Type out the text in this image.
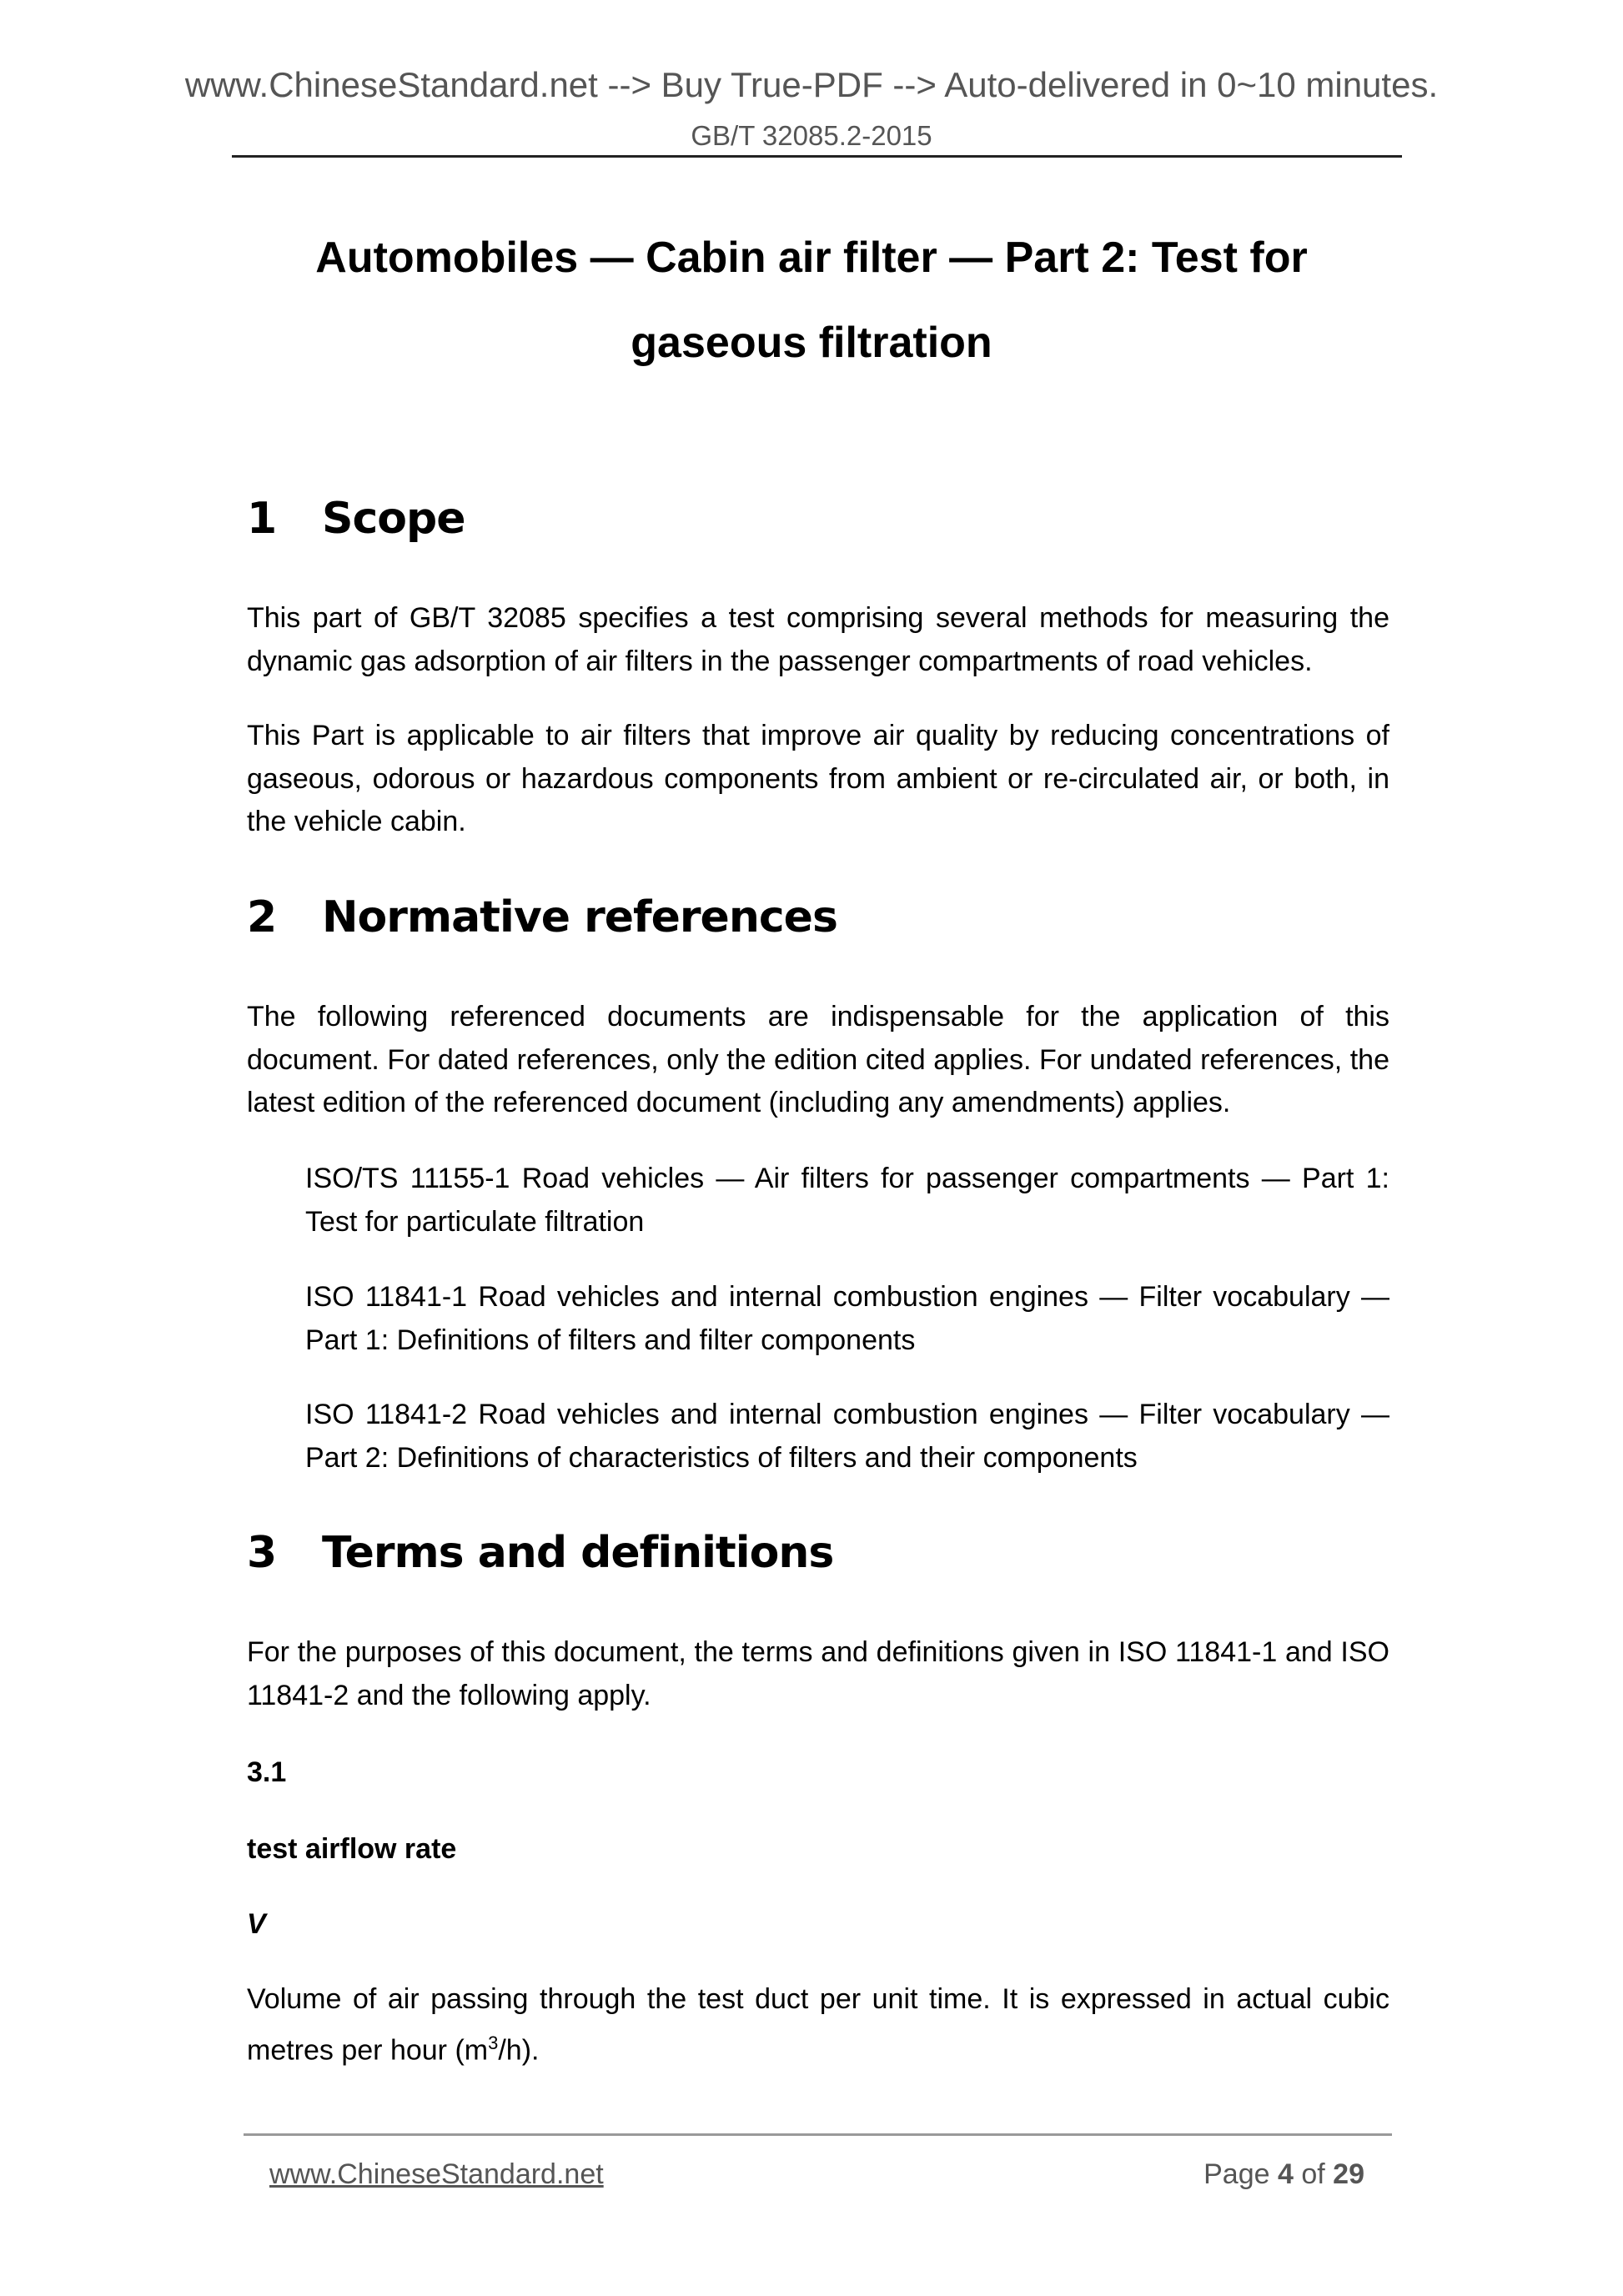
www.ChineseStandard.net --> Buy True-PDF --> Auto-delivered in 0~10 minutes.
GB/T 32085.2-2015
Automobiles — Cabin air filter — Part 2: Test for
gaseous filtration
1 Scope
This part of GB/T 32085 specifies a test comprising several methods for measuring the dynamic gas adsorption of air filters in the passenger compartments of road vehicles.
This Part is applicable to air filters that improve air quality by reducing concentrations of gaseous, odorous or hazardous components from ambient or re-circulated air, or both, in the vehicle cabin.
2 Normative references
The following referenced documents are indispensable for the application of this document. For dated references, only the edition cited applies. For undated references, the latest edition of the referenced document (including any amendments) applies.
ISO/TS 11155-1 Road vehicles — Air filters for passenger compartments — Part 1: Test for particulate filtration
ISO 11841-1 Road vehicles and internal combustion engines — Filter vocabulary — Part 1: Definitions of filters and filter components
ISO 11841-2 Road vehicles and internal combustion engines — Filter vocabulary — Part 2: Definitions of characteristics of filters and their components
3 Terms and definitions
For the purposes of this document, the terms and definitions given in ISO 11841-1 and ISO 11841-2 and the following apply.
3.1
test airflow rate
V
Volume of air passing through the test duct per unit time. It is expressed in actual cubic metres per hour $(m^3/h)$.
www.ChineseStandard.net	Page 4 of 29
